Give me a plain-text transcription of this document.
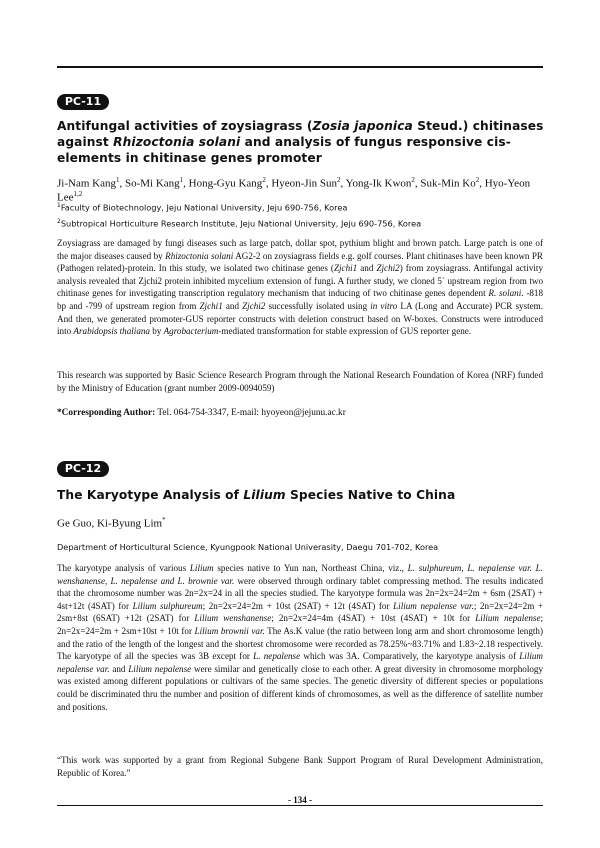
PC-11
Antifungal activities of zoysiagrass (Zosia japonica Steud.) chitinases against Rhizoctonia solani and analysis of fungus responsive cis-elements in chitinase genes promoter
Ji-Nam Kang$^1$, So-Mi Kang$^1$, Hong-Gyu Kang$^2$, Hyeon-Jin Sun$^2$, Yong-Ik Kwon$^2$, Suk-Min Ko$^2$, Hyo-Yeon Lee$^{1,2}$
$^1$Faculty of Biotechnology, Jeju National University, Jeju 690-756, Korea
$^2$Subtropical Horticulture Research Institute, Jeju National University, Jeju 690-756, Korea
Zoysiagrass are damaged by fungi diseases such as large patch, dollar spot, pythium blight and brown patch. Large patch is one of the major diseases caused by Rhizoctonia solani AG2-2 on zoysiagrass fields e.g. golf courses. Plant chitinases have been known PR (Pathogen related)-protein. In this study, we isolated two chitinase genes (Zjchi1 and Zjchi2) from zoysiagrass. Antifungal activity analysis revealed that Zjchi2 protein inhibited mycelium extension of fungi. A further study, we cloned 5` upstream region from two chitinase genes for investigating transcription regulatory mechanism that inducing of two chitinase genes dependent R. solani. -818 bp and -799 of upstream region from Zjchi1 and Zjchi2 successfully isolated using in vitro LA (Long and Accurate) PCR system. And then, we generated promoter-GUS reporter constructs with deletion construct based on W-boxes. Constructs were introduced into Arabidopsis thaliana by Agrobacterium-mediated transformation for stable expression of GUS reporter gene.
This research was supported by Basic Science Research Program through the National Research Foundation of Korea (NRF) funded by the Ministry of Education (grant number 2009-0094059)
*Corresponding Author: Tel. 064-754-3347, E-mail: hyoyeon@jejunu.ac.kr
PC-12
The Karyotype Analysis of Lilium Species Native to China
Ge Guo, Ki-Byung Lim*
Department of Horticultural Science, Kyungpook National Univerasity, Daegu 701-702, Korea
The karyotype analysis of various Lilium species native to Yun nan, Northeast China, viz., L. sulphureum, L. nepalense var. L. wenshanense, L. nepalense and L. brownie var. were observed through ordinary tablet compressing method. The results indicated that the chromosome number was 2n=2x=24 in all the species studied. The karyotype formula was 2n=2x=24=2m + 6sm (2SAT) + 4st+12t (4SAT) for Lilium sulphureum; 2n=2x=24=2m + 10st (2SAT) + 12t (4SAT) for Lilium nepalense var.; 2n=2x=24=2m + 2sm+8st (6SAT) +12t (2SAT) for Lilium wenshanense; 2n=2x=24=4m (4SAT) + 10st (4SAT) + 10t for Lilium nepalense; 2n=2x=24=2m + 2sm+10st + 10t for Lilium brownii var. The As.K value (the ratio between long arm and short chromosome length) and the ratio of the length of the longest and the shortest chromosome were recorded as 78.25%~83.71% and 1.83~2.18 respectively. The karyotype of all the species was 3B except for L. nepalense which was 3A. Comparatively, the karyotype analysis of Lilium nepalense var. and Lilium nepalense were similar and genetically close to each other. A great diversity in chromosome morphology was existed among different populations or cultivars of the same species. The genetic diversity of different species or populations could be discriminated thru the number and position of different kinds of chromosomes, as well as the difference of satellite number and positions.
“This work was supported by a grant from Regional Subgene Bank Support Program of Rural Development Administration, Republic of Korea.”
- 134 -
